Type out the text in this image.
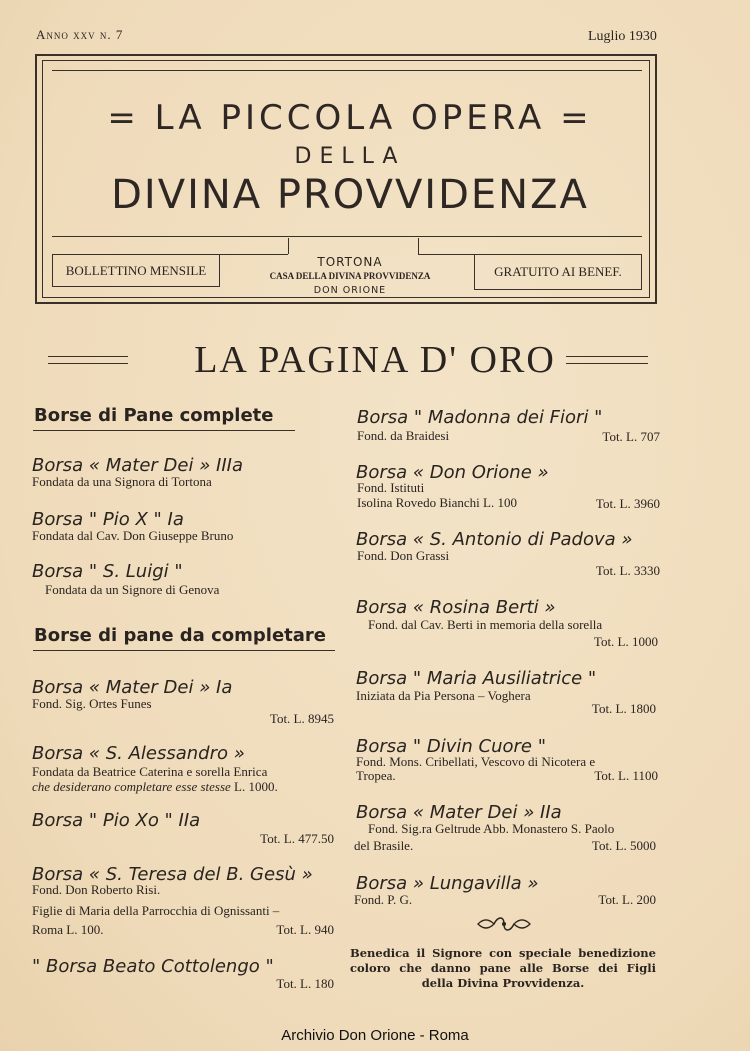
Anno xxv n. 7	Luglio 1930
= LA PICCOLA OPERA =
DELLA
DIVINA PROVVIDENZA
BOLLETTINO MENSILE	GRATUITO AI BENEF.
TORTONA
CASA DELLA DIVINA PROVVIDENZA
DON ORIONE
LA PAGINA D' ORO
Borse di Pane complete
Borsa « Mater Dei » IIIa
Fondata da una Signora di Tortona
Borsa " Pio X " Ia
Fondata dal Cav. Don Giuseppe Bruno
Borsa " S. Luigi "
Fondata da un Signore di Genova
Borse di pane da completare
Borsa « Mater Dei » Ia
Fond. Sig. Ortes Funes
Tot. L. 8945
Borsa « S. Alessandro »
Fondata da Beatrice Caterina e sorella Enrica
che desiderano completare esse stesse L. 1000.
Borsa " Pio Xo " IIa
Tot. L. 477.50
Borsa « S. Teresa del B. Gesù »
Fond. Don Roberto Risi.
Figlie di Maria della Parrocchia di Ognissanti –
Roma L. 100.	Tot. L. 940
" Borsa Beato Cottolengo "
Tot. L. 180
Borsa " Madonna dei Fiori "
Fond. da Braidesi	Tot. L. 707
Borsa « Don Orione »
Fond. Istituti
Isolina Rovedo Bianchi L. 100	Tot. L. 3960
Borsa « S. Antonio di Padova »
Fond. Don Grassi
Tot. L. 3330
Borsa « Rosina Berti »
Fond. dal Cav. Berti in memoria della sorella
Tot. L. 1000
Borsa " Maria Ausiliatrice "
Iniziata da Pia Persona – Voghera
Tot. L. 1800
Borsa " Divin Cuore "
Fond. Mons. Cribellati, Vescovo di Nicotera e
Tropea.	Tot. L. 1100
Borsa « Mater Dei » IIa
Fond. Sig.ra Geltrude Abb. Monastero S. Paolo
del Brasile.	Tot. L. 5000
Borsa » Lungavilla »
Fond. P. G.	Tot. L. 200
Benedica il Signore con speciale benedizione coloro che danno pane alle Borse dei Figli della Divina Provvidenza.
Archivio Don Orione - Roma
